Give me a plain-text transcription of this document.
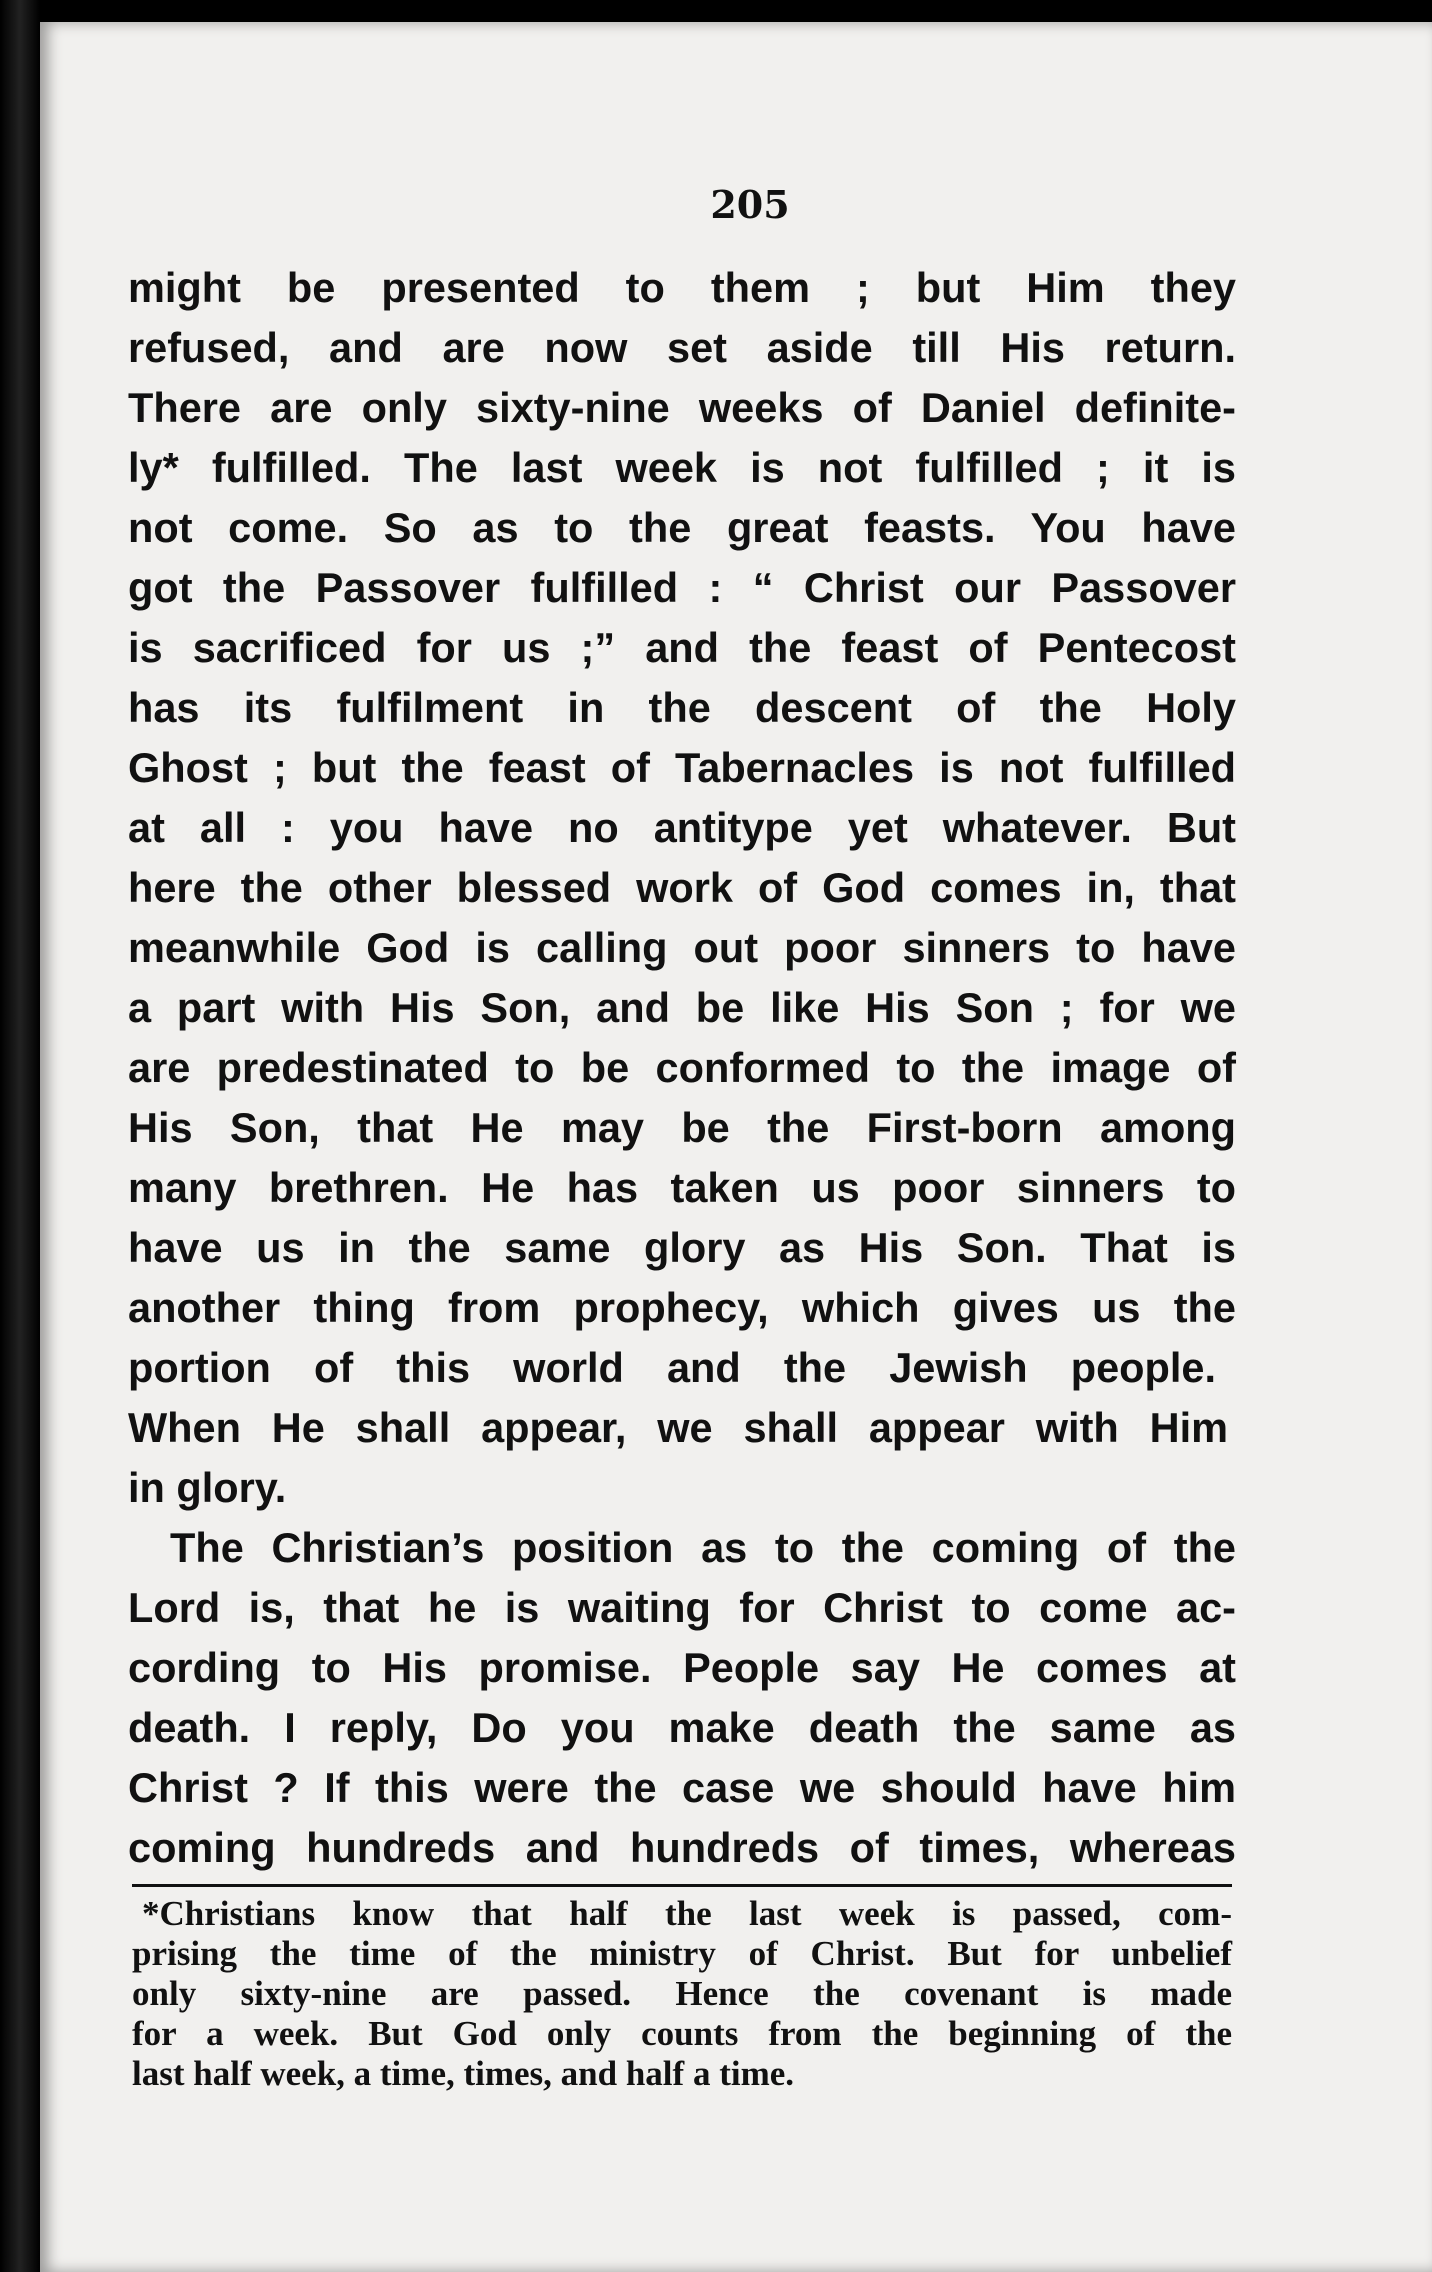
205
might be presented to them ; but Him they
refused, and are now set aside till His return.
There are only sixty-nine weeks of Daniel definite-
ly* fulfilled. The last week is not fulfilled ; it is
not come. So as to the great feasts. You have
got the Passover fulfilled : “ Christ our Passover
is sacrificed for us ;” and the feast of Pentecost
has its fulfilment in the descent of the Holy
Ghost ; but the feast of Tabernacles is not fulfilled
at all : you have no antitype yet whatever. But
here the other blessed work of God comes in, that
meanwhile God is calling out poor sinners to have
a part with His Son, and be like His Son ; for we
are predestinated to be conformed to the image of
His Son, that He may be the First-born among
many brethren. He has taken us poor sinners to
have us in the same glory as His Son. That is
another thing from prophecy, which gives us the
portion of this world and the Jewish people.
When He shall appear, we shall appear with Him
in glory.
The Christian’s position as to the coming of the
Lord is, that he is waiting for Christ to come ac-
cording to His promise. People say He comes at
death. I reply, Do you make death the same as
Christ ? If this were the case we should have him
coming hundreds and hundreds of times, whereas
*Christians know that half the last week is passed, com-
prising the time of the ministry of Christ. But for unbelief
only sixty-nine are passed. Hence the covenant is made
for a week. But God only counts from the beginning of the
last half week, a time, times, and half a time.
